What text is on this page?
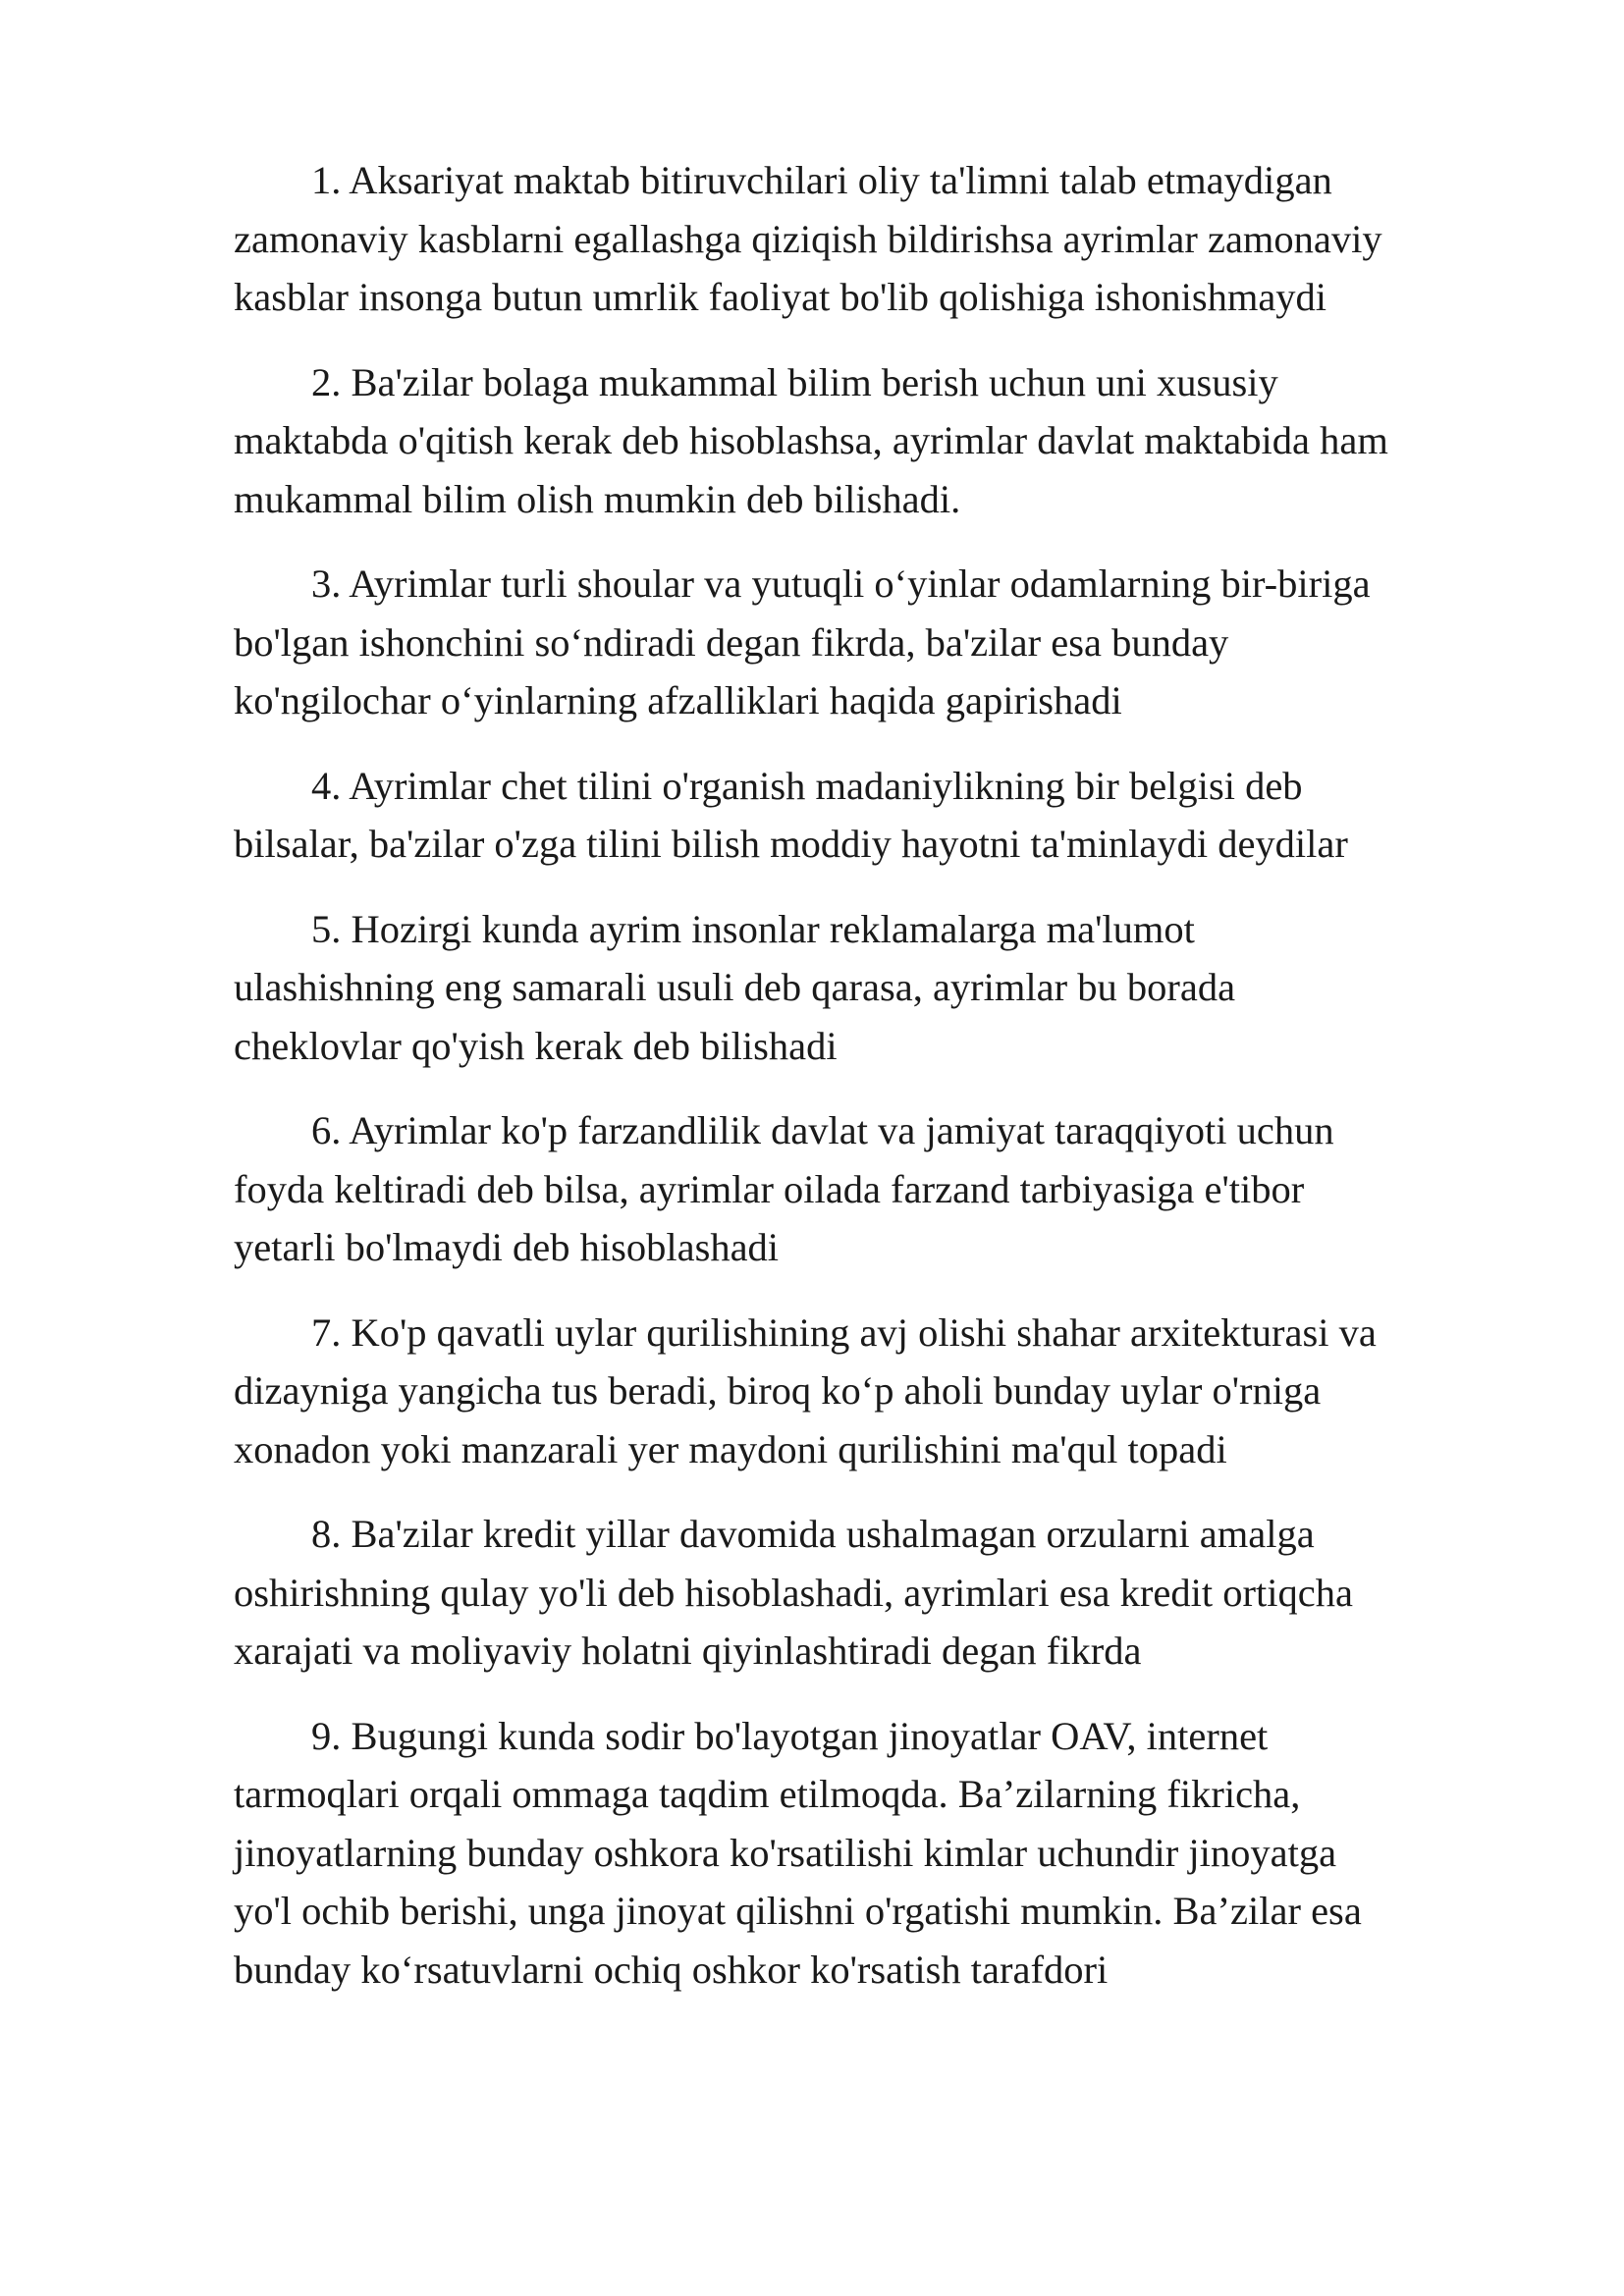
1. Aksariyat maktab bitiruvchilari oliy ta'limni talab etmaydigan
zamonaviy kasblarni egallashga qiziqish bildirishsa ayrimlar zamonaviy
kasblar insonga butun umrlik faoliyat bo'lib qolishiga ishonishmaydi
2. Ba'zilar bolaga mukammal bilim berish uchun uni xususiy
maktabda o'qitish kerak deb hisoblashsa, ayrimlar davlat maktabida ham
mukammal bilim olish mumkin deb bilishadi.
3. Ayrimlar turli shoular va yutuqli o‘yinlar odamlarning bir-biriga
bo'lgan ishonchini so‘ndiradi degan fikrda, ba'zilar esa bunday
ko'ngilochar o‘yinlarning afzalliklari haqida gapirishadi
4. Ayrimlar chet tilini o'rganish madaniylikning bir belgisi deb
bilsalar, ba'zilar o'zga tilini bilish moddiy hayotni ta'minlaydi deydilar
5. Hozirgi kunda ayrim insonlar reklamalarga ma'lumot
ulashishning eng samarali usuli deb qarasa, ayrimlar bu borada
cheklovlar qo'yish kerak deb bilishadi
6. Ayrimlar ko'p farzandlilik davlat va jamiyat taraqqiyoti uchun
foyda keltiradi deb bilsa, ayrimlar oilada farzand tarbiyasiga e'tibor
yetarli bo'lmaydi deb hisoblashadi
7. Ko'p qavatli uylar qurilishining avj olishi shahar arxitekturasi va
dizayniga yangicha tus beradi, biroq ko‘p aholi bunday uylar o'rniga
xonadon yoki manzarali yer maydoni qurilishini ma'qul topadi
8. Ba'zilar kredit yillar davomida ushalmagan orzularni amalga
oshirishning qulay yo'li deb hisoblashadi, ayrimlari esa kredit ortiqcha
xarajati va moliyaviy holatni qiyinlashtiradi degan fikrda
9. Bugungi kunda sodir bo'layotgan jinoyatlar OAV, internet
tarmoqlari orqali ommaga taqdim etilmoqda. Ba’zilarning fikricha,
jinoyatlarning bunday oshkora ko'rsatilishi kimlar uchundir jinoyatga
yo'l ochib berishi, unga jinoyat qilishni o'rgatishi mumkin. Ba’zilar esa
bunday ko‘rsatuvlarni ochiq oshkor ko'rsatish tarafdori
